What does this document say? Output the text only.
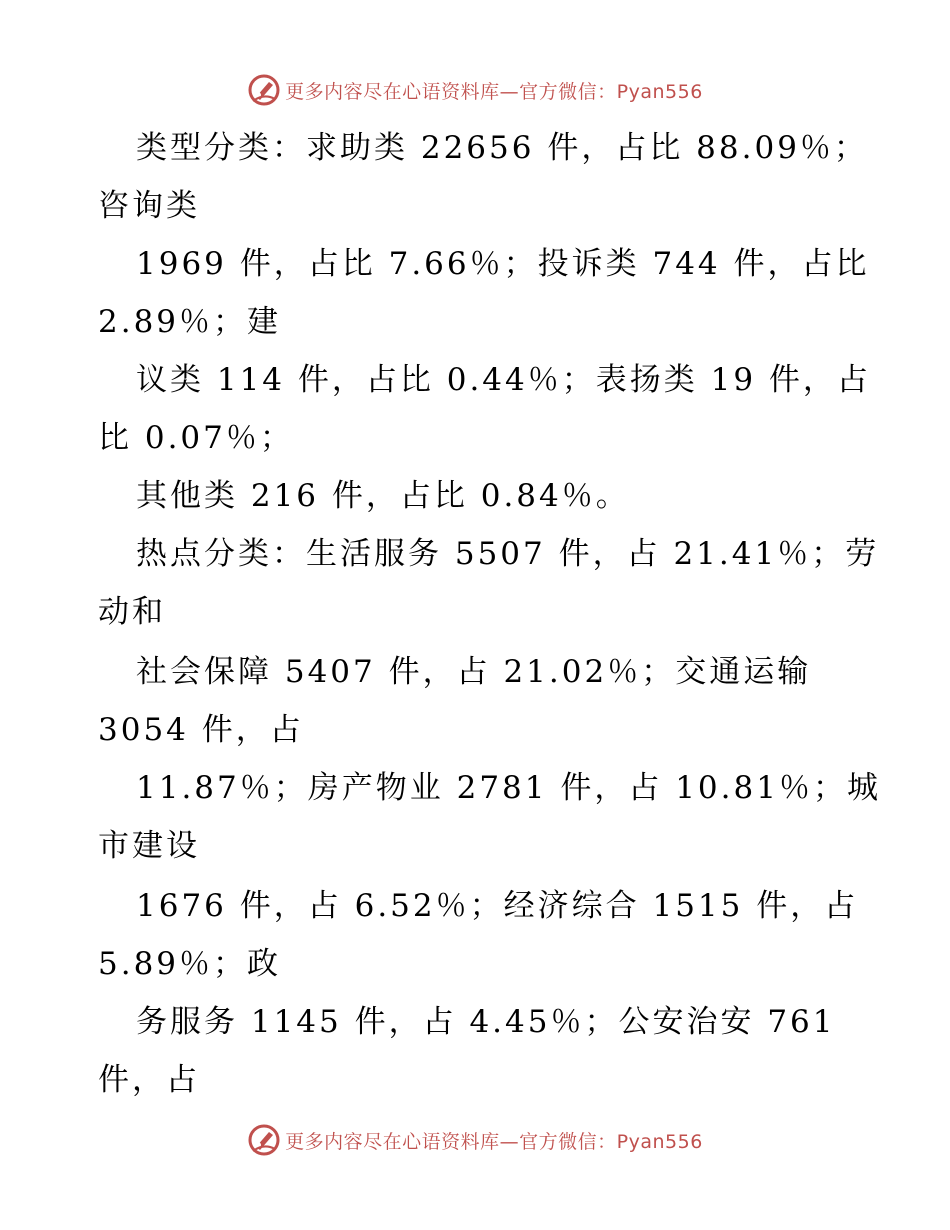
更多内容尽在心语资料库—官方微信：Pyan556
类型分类：求助类 22656 件，占比 88.09％；
咨询类
1969 件，占比 7.66％；投诉类 744 件，占比
2.89％；建
议类 114 件，占比 0.44％；表扬类 19 件，占
比 0.07％；
其他类 216 件，占比 0.84％。
热点分类：生活服务 5507 件，占 21.41％；劳
动和
社会保障 5407 件，占 21.02％；交通运输
3054 件，占
11.87％；房产物业 2781 件，占 10.81％；城
市建设
1676 件，占 6.52％；经济综合 1515 件，占
5.89％；政
务服务 1145 件，占 4.45％；公安治安 761
件，占
更多内容尽在心语资料库—官方微信：Pyan556
